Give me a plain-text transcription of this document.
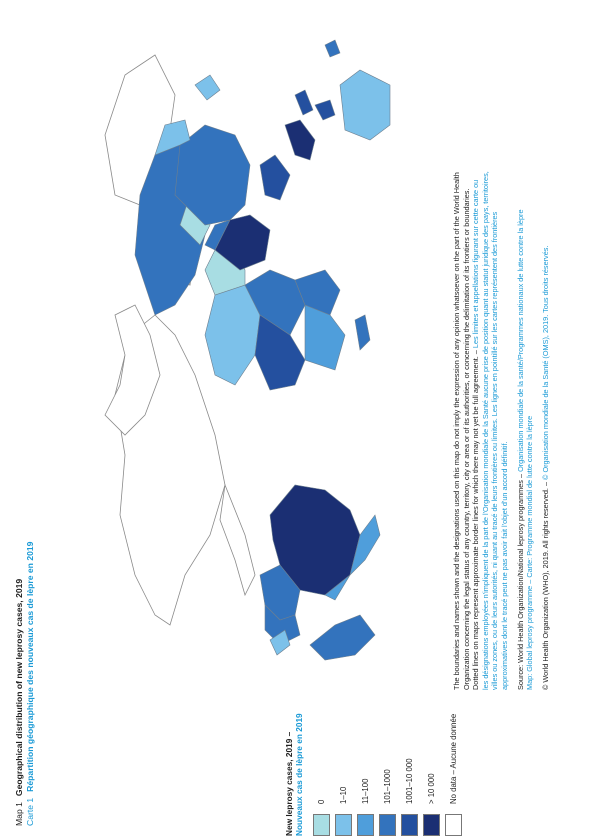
Map 1Geographical distribution of new leprosy cases, 2019
Carte 1Répartition géographique des nouveaux cas de lèpre en 2019	New leprosy cases, 2019 – Nouveaux cas de lèpre en 2019 0 1–10 11–100 101–1000 1001–10 000 > 10 000 No data – Aucune donnée

The boundaries and names shown and the designations used on this map do not imply the expression of any opinion whatsoever on the part of the World Health Organization concerning the legal status of any country, territory, city or area or of its authorities, or concerning the delimitation of its frontiers or boundaries. Dotted lines on maps represent approximate border lines for which there may not yet be full agreement. – Les limites et appellations figurant sur cette carte ou les désignations employées n'impliquent de la part de l'Organisation mondiale de la Santé aucune prise de position quant au statut juridique des pays, territoires, villes ou zones, ou de leurs autorités, ni quant au tracé de leurs frontières ou limites. Les lignes en pointillé sur les cartes représentent des frontières approximatives dont le tracé peut ne pas avoir fait l'objet d'un accord définitif. Source: World Health Organization/National leprosy programmes – Organisation mondiale de la santé/Programmes nationaux de lutte contre la lèpre
Map: Global leprosy programme – Carte: Programme mondial de lutte contre la lèpre © World Health Organization (WHO), 2019. All rights reserved. – © Organisation mondiale de la Santé (OMS), 2019. Tous droits réservés.
